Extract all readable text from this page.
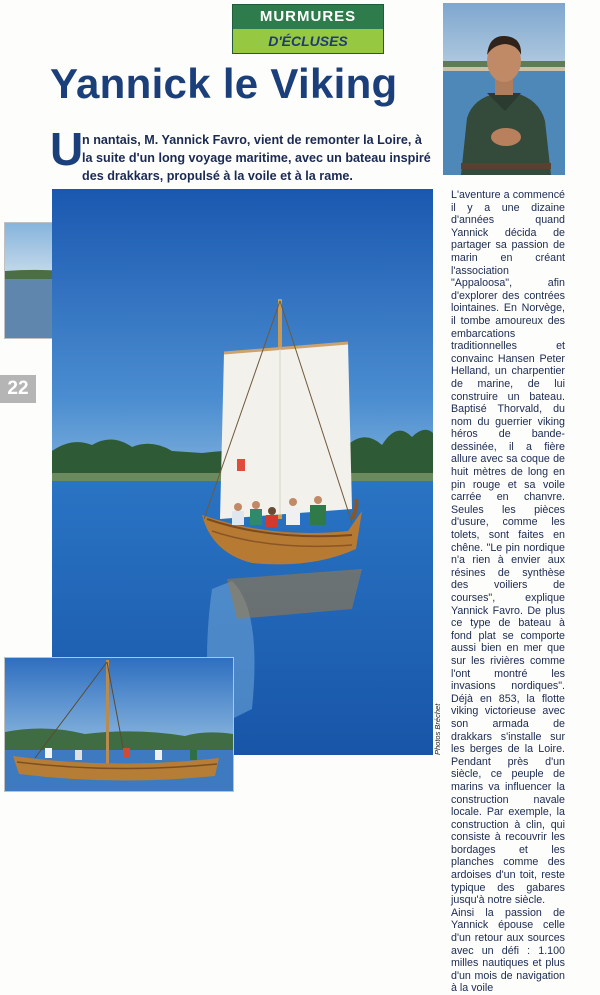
MURMURES
D'ÉCLUSES
Yannick le Viking
U
n nantais, M. Yannick Favro, vient de remonter la Loire, à la suite d'un long voyage maritime, avec un bateau inspiré des drakkars, propulsé à la voile et à la rame.
22
Photos Bréchet

L'aventure a commencé il y a une dizaine d'années quand Yannick décida de partager sa passion de marin en créant l'association "Appaloosa", afin d'explorer des contrées lointaines. En Norvège, il tombe amoureux des embarcations traditionnelles et convainc Hansen Peter Helland, un charpentier de marine, de lui construire un bateau. Baptisé Thorvald, du nom du guerrier viking héros de bande-dessinée, il a fière allure avec sa coque de huit mètres de long en pin rouge et sa voile carrée en chanvre. Seules les pièces d'usure, comme les tolets, sont faites en chêne. "Le pin nordique n'a rien à envier aux résines de synthèse des voiliers de courses", explique Yannick Favro. De plus ce type de bateau à fond plat se comporte aussi bien en mer que sur les rivières comme l'ont montré les invasions nordiques". Déjà en 853, la flotte viking victorieuse avec son armada de drakkars s'installe sur les berges de la Loire. Pendant près d'un siècle, ce peuple de marins va influencer la construction navale locale. Par exemple, la construction à clin, qui consiste à recouvrir les bordages et les planches comme des ardoises d'un toit, reste typique des gabares jusqu'à notre siècle.

Ainsi la passion de Yannick épouse celle d'un retour aux sources avec un défi : 1.100 milles nautiques et plus d'un mois de navigation à la voile
